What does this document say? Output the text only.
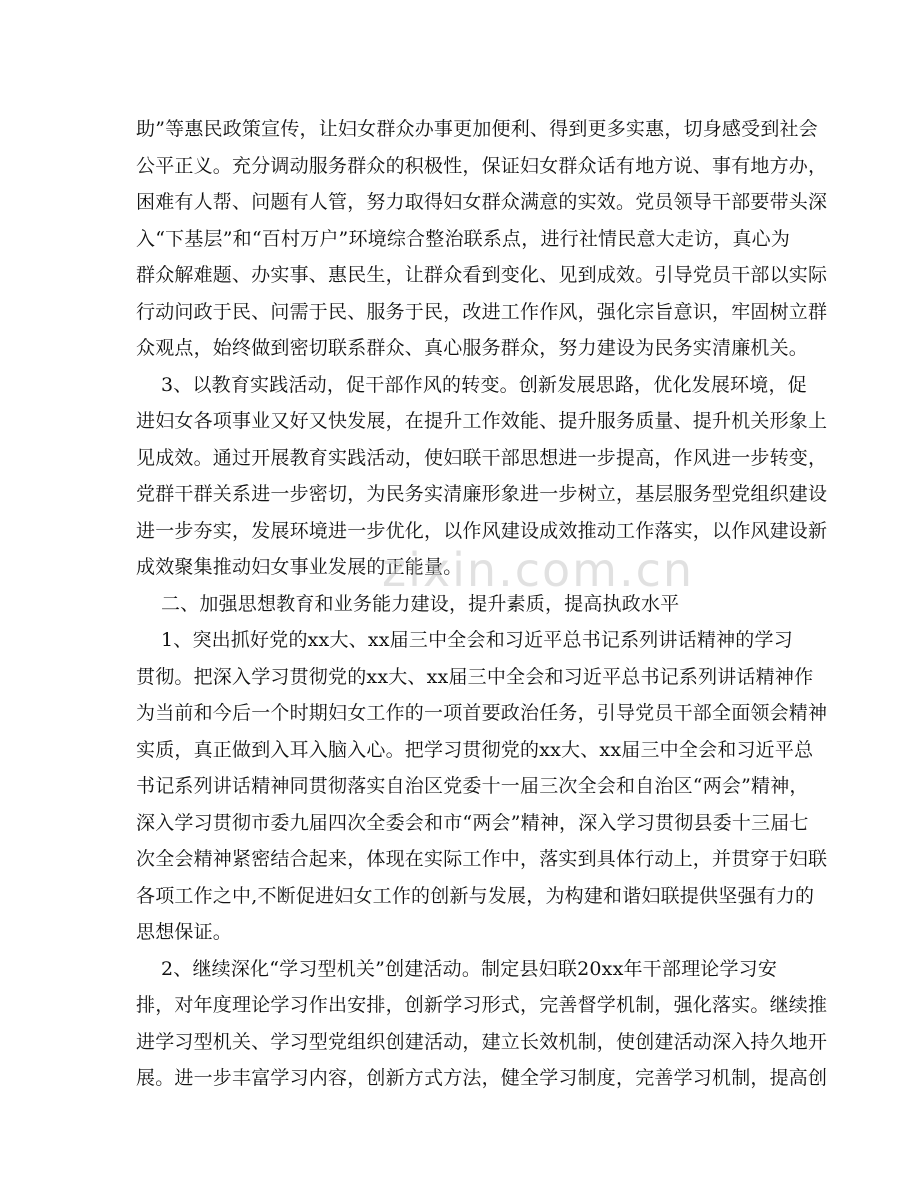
助”等惠民政策宣传，让妇女群众办事更加便利、得到更多实惠，切身感受到社会
公平正义。充分调动服务群众的积极性，保证妇女群众话有地方说、事有地方办，
困难有人帮、问题有人管，努力取得妇女群众满意的实效。党员领导干部要带头深
入“下基层”和“百村万户”环境综合整治联系点，进行社情民意大走访，真心为
群众解难题、办实事、惠民生，让群众看到变化、见到成效。引导党员干部以实际
行动问政于民、问需于民、服务于民，改进工作作风，强化宗旨意识，牢固树立群
众观点，始终做到密切联系群众、真心服务群众，努力建设为民务实清廉机关。
3、以教育实践活动，促干部作风的转变。创新发展思路，优化发展环境，促
进妇女各项事业又好又快发展，在提升工作效能、提升服务质量、提升机关形象上
见成效。通过开展教育实践活动，使妇联干部思想进一步提高，作风进一步转变，
党群干群关系进一步密切，为民务实清廉形象进一步树立，基层服务型党组织建设
进一步夯实，发展环境进一步优化，以作风建设成效推动工作落实，以作风建设新
成效聚集推动妇女事业发展的正能量。
二、加强思想教育和业务能力建设，提升素质，提高执政水平
1、突出抓好党的xx大、xx届三中全会和习近平总书记系列讲话精神的学习
贯彻。把深入学习贯彻党的xx大、xx届三中全会和习近平总书记系列讲话精神作
为当前和今后一个时期妇女工作的一项首要政治任务，引导党员干部全面领会精神
实质，真正做到入耳入脑入心。把学习贯彻党的xx大、xx届三中全会和习近平总
书记系列讲话精神同贯彻落实自治区党委十一届三次全会和自治区“两会”精神，
深入学习贯彻市委九届四次全委会和市“两会”精神，深入学习贯彻县委十三届七
次全会精神紧密结合起来，体现在实际工作中，落实到具体行动上，并贯穿于妇联
各项工作之中,不断促进妇女工作的创新与发展，为构建和谐妇联提供坚强有力的
思想保证。
2、继续深化“学习型机关”创建活动。制定县妇联20xx年干部理论学习安
排，对年度理论学习作出安排，创新学习形式，完善督学机制，强化落实。继续推
进学习型机关、学习型党组织创建活动，建立长效机制，使创建活动深入持久地开
展。进一步丰富学习内容，创新方式方法，健全学习制度，完善学习机制，提高创
zixin.com.cn
